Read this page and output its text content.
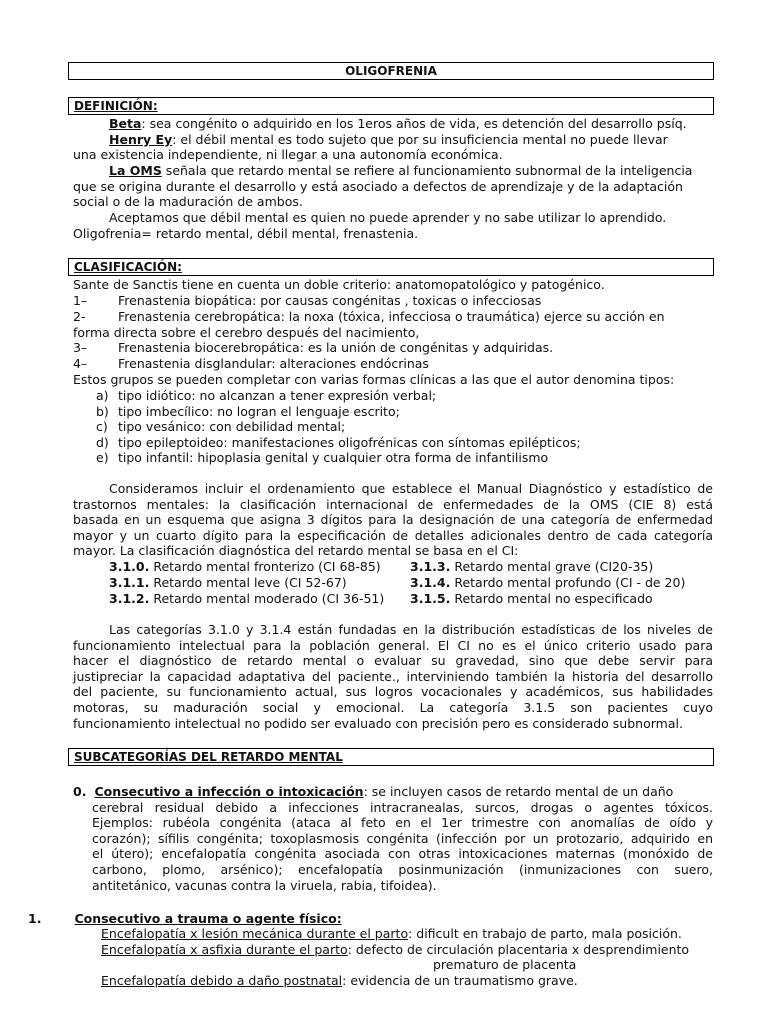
OLIGOFRENIA
DEFINICIÓN:
Beta: sea congénito o adquirido en los 1eros años de vida, es detención del desarrollo psíq.
Henry Ey: el débil mental es todo sujeto que por su insuficiencia mental no puede llevar
una existencia independiente, ni llegar a una autonomía económica.
La OMS señala que retardo mental se refiere al funcionamiento subnormal de la inteligencia
que se origina durante el desarrollo y está asociado a defectos de aprendizaje y de la adaptación
social o de la maduración de ambos.
Aceptamos que débil mental es quien no puede aprender y no sabe utilizar lo aprendido.
Oligofrenia= retardo mental, débil mental, frenastenia.
CLASIFICACIÓN:
Sante de Sanctis tiene en cuenta un doble criterio: anatomopatológico y patogénico.
1– Frenastenia biopática: por causas congénitas , toxicas o infecciosas
2-	Frenastenia cerebropática: la noxa (tóxica, infecciosa o traumática) ejerce su acción en
forma directa sobre el cerebro después del nacimiento,
3– Frenastenia biocerebropática: es la unión de congénitas y adquiridas.
4– Frenastenia disglandular: alteraciones endócrinas
Estos grupos se pueden completar con varias formas clínicas a las que el autor denomina tipos:
a) tipo idiótico: no alcanzan a tener expresión verbal;
b) tipo imbecílico: no logran el lenguaje escrito;
c) tipo vesánico: con debilidad mental;
d) tipo epileptoideo: manifestaciones oligofrénicas con síntomas epilépticos;
e) tipo infantil: hipoplasia genital y cualquier otra forma de infantilismo
Consideramos incluir el ordenamiento que establece el Manual Diagnóstico y estadístico de
trastornos mentales: la clasificación internacional de enfermedades de la OMS (CIE 8) está
basada en un esquema que asigna 3 dígitos para la designación de una categoría de enfermedad
mayor y un cuarto dígito para la especificación de detalles adicionales dentro de cada categoría
mayor. La clasificación diagnóstica del retardo mental se basa en el CI:
3.1.0. Retardo mental fronterizo (CI 68-85)
3.1.1. Retardo mental leve (CI 52-67)
3.1.2. Retardo mental moderado (CI 36-51)
3.1.3. Retardo mental grave (CI20-35)
3.1.4. Retardo mental profundo (CI - de 20)
3.1.5. Retardo mental no especificado
Las categorías 3.1.0 y 3.1.4 están fundadas en la distribución estadísticas de los niveles de
funcionamiento intelectual para la población general. El CI no es el único criterio usado para
hacer el diagnóstico de retardo mental o evaluar su gravedad, sino que debe servir para
justipreciar la capacidad adaptativa del paciente., interviniendo también la historia del desarrollo
del paciente, su funcionamiento actual, sus logros vocacionales y académicos, sus habilidades
motoras, su maduración social y emocional. La categoría 3.1.5 son pacientes cuyo
funcionamiento intelectual no podido ser evaluado con precisión pero es considerado subnormal.
SUBCATEGORÍAS DEL RETARDO MENTAL
0. Consecutivo a infección o intoxicación: se incluyen casos de retardo mental de un daño
cerebral residual debido a infecciones intracranealas, surcos, drogas o agentes tóxicos.
Ejemplos: rubéola congénita (ataca al feto en el 1er trimestre con anomalías de oído y
corazón); sífilis congénita; toxoplasmosis congénita (infección por un protozario, adquirido en
el útero); encefalopatía congénita asociada con otras intoxicaciones maternas (monóxido de
carbono, plomo, arsénico); encefalopatía posinmunización (inmunizaciones con suero,
antitetánico, vacunas contra la viruela, rabia, tifoidea).
1.	Consecutivo a trauma o agente físico:
Encefalopatía x lesión mecánica durante el parto: dificult en trabajo de parto, mala posición.
Encefalopatía x asfixia durante el parto: defecto de circulación placentaria x desprendimiento
prematuro de placenta
Encefalopatía debido a daño postnatal: evidencia de un traumatismo grave.
